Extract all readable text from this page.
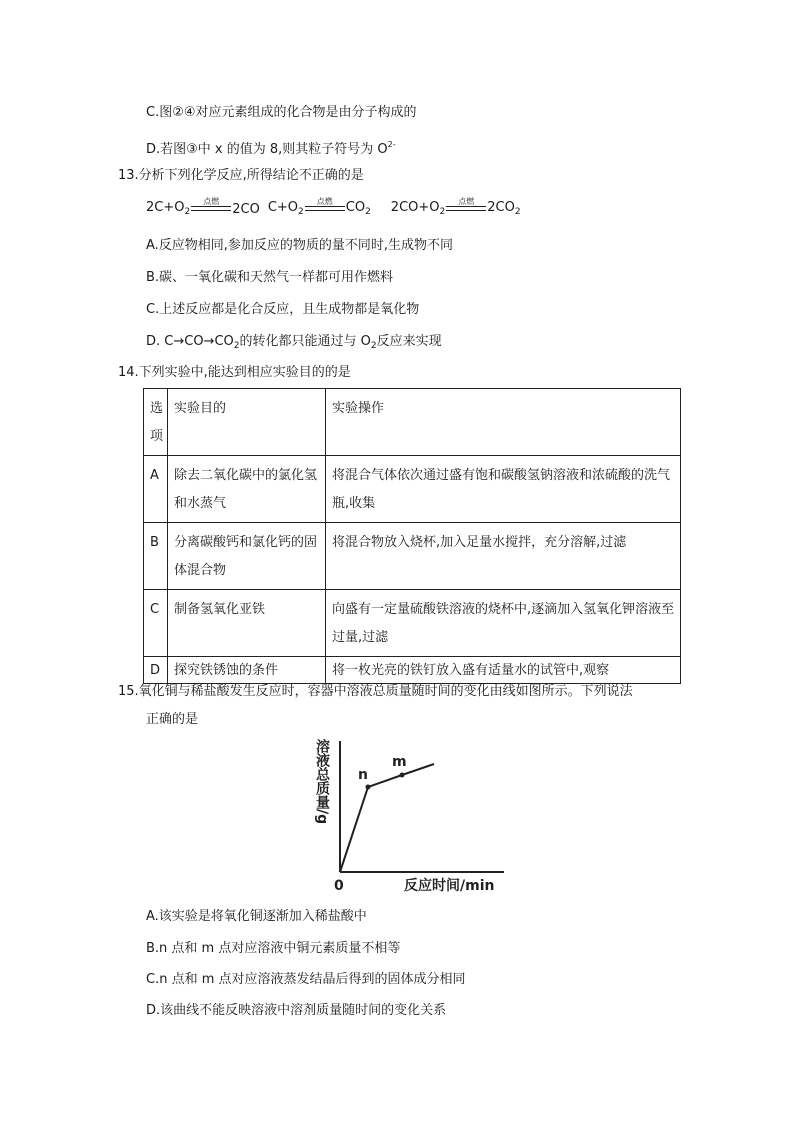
C.图②④对应元素组成的化合物是由分子构成的
D.若图③中 x 的值为 8,则其粒子符号为 $O^{2-}$
13.分析下列化学反应,所得结论不正确的是
$2C+O_2$
点燃
2CO $C+O_2$
点燃 $CO_2$ $2CO+O_2$
点燃 $2CO_2$
A.反应物相同,参加反应的物质的量不同时,生成物不同
B.碳、一氧化碳和天然气一样都可用作燃料
C.上述反应都是化合反应，且生成物都是氧化物
D. $C\to CO\to CO_2$的转化都只能通过与 $O_2$反应来实现
14.下列实验中,能达到相应实验目的的是
选项	实验目的	实验操作
A	除去二氧化碳中的氯化氢和水蒸气	将混合气体依次通过盛有饱和碳酸氢钠溶液和浓硫酸的洗气瓶,收集
B	分离碳酸钙和氯化钙的固体混合物	将混合物放入烧杯,加入足量水搅拌，充分溶解,过滤
C	制备氢氧化亚铁	向盛有一定量硫酸铁溶液的烧杯中,逐滴加入氢氧化钾溶液至过量,过滤
D	探究铁锈蚀的条件	将一枚光亮的铁钉放入盛有适量水的试管中,观察
15.氧化铜与稀盐酸发生反应时，容器中溶液总质量随时间的变化由线如图所示。下列说法
正确的是
溶液总质量/g n
m
0	反应时间/min
A.该实验是将氧化铜逐渐加入稀盐酸中
B.n 点和 m 点对应溶液中铜元素质量不相等
C.n 点和 m 点对应溶液蒸发结晶后得到的固体成分相同
D.该曲线不能反映溶液中溶剂质量随时间的变化关系
